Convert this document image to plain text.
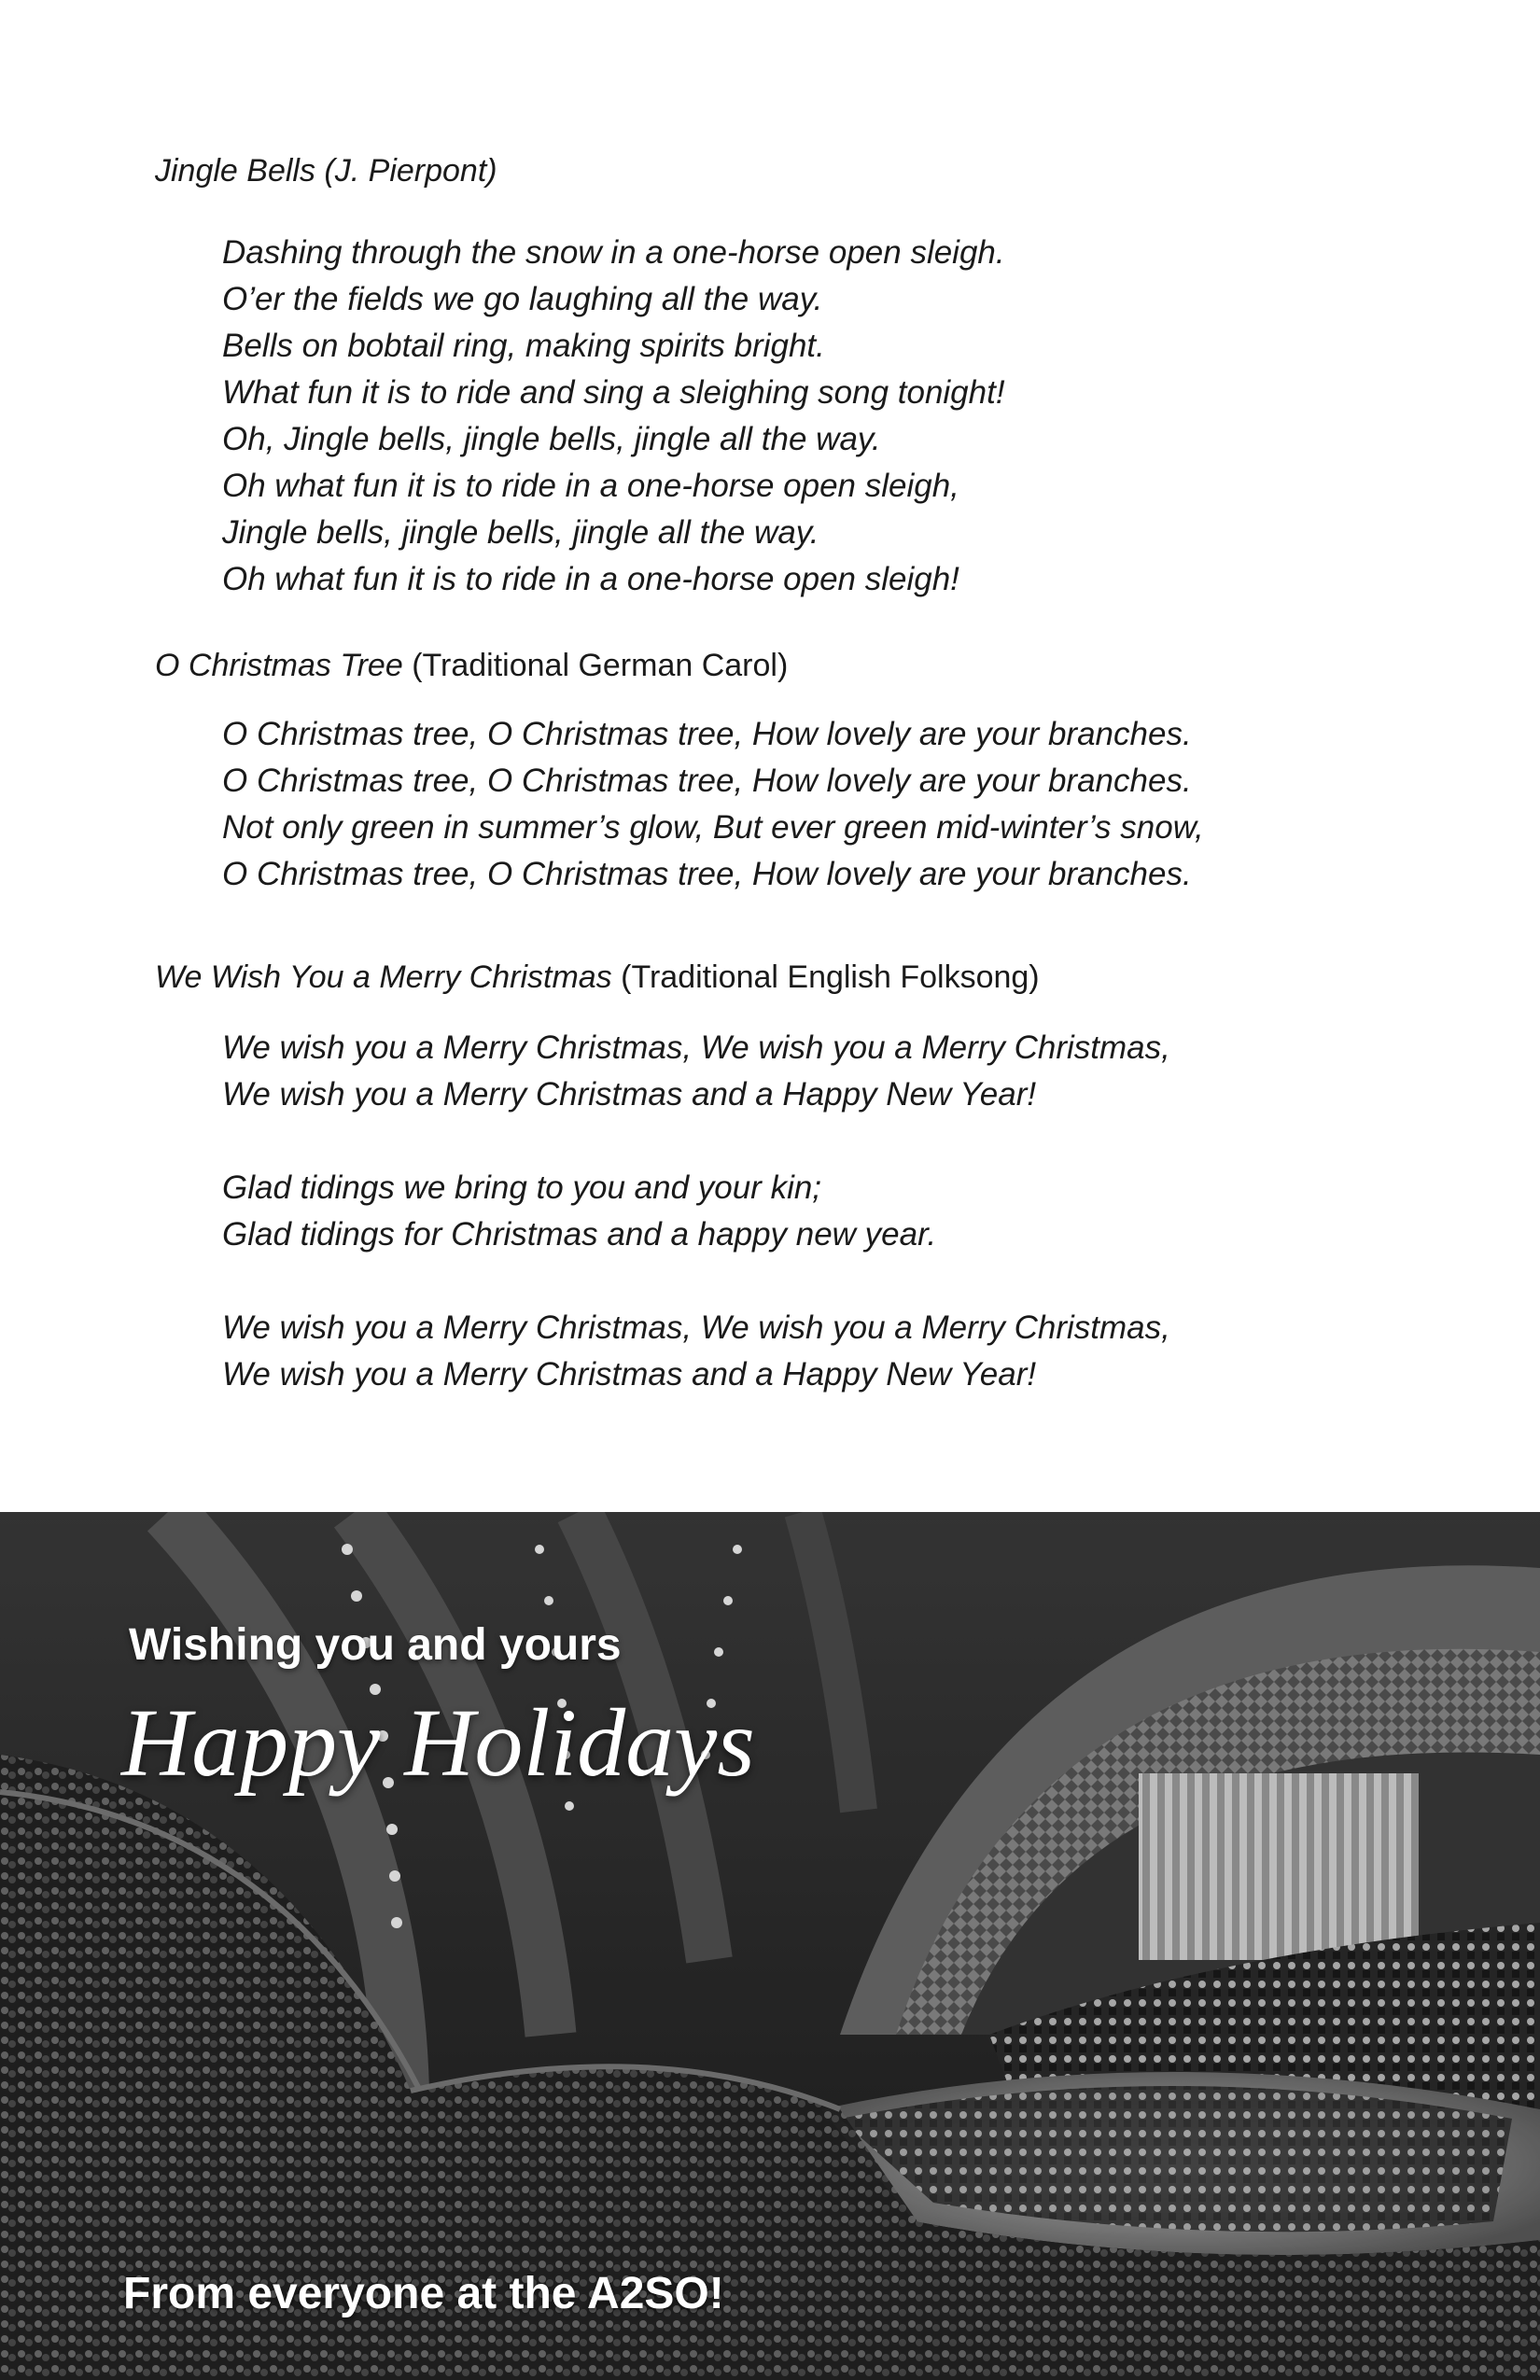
Jingle Bells (J. Pierpont)

Dashing through the snow in a one-horse open sleigh.
O’er the fields we go laughing all the way.
Bells on bobtail ring, making spirits bright.
What fun it is to ride and sing a sleighing song tonight!
Oh, Jingle bells, jingle bells, jingle all the way.
Oh what fun it is to ride in a one-horse open sleigh,
Jingle bells, jingle bells, jingle all the way.
Oh what fun it is to ride in a one-horse open sleigh!

O Christmas Tree (Traditional German Carol)

O Christmas tree, O Christmas tree, How lovely are your branches.
O Christmas tree, O Christmas tree, How lovely are your branches.
Not only green in summer’s glow, But ever green mid-winter’s snow,
O Christmas tree, O Christmas tree, How lovely are your branches.

We Wish You a Merry Christmas (Traditional English Folksong)

We wish you a Merry Christmas, We wish you a Merry Christmas,
We wish you a Merry Christmas and a Happy New Year!
Glad tidings we bring to you and your kin;
Glad tidings for Christmas and a happy new year.
We wish you a Merry Christmas, We wish you a Merry Christmas,
We wish you a Merry Christmas and a Happy New Year!
Wishing you and yours
Happy Holidays
From everyone at the A2SO!
